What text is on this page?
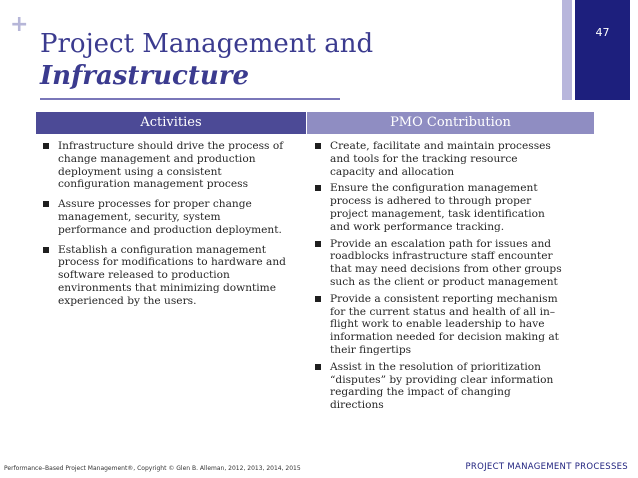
+
Project Management and
Infrastructure
47
Activities	PMO Contribution
Infrastructure should drive the process of change management and production deployment using a consistent configuration management process
Assure processes for proper change management, security, system performance and production deployment.
Establish a configuration management process for modifications to hardware and software released to production environments that minimizing downtime experienced by the users.
Create, facilitate and maintain processes and tools for the tracking resource capacity and allocation
Ensure the configuration management process is adhered to through proper project management, task identification and work performance tracking.
Provide an escalation path for issues and roadblocks infrastructure staff encounter that may need decisions from other groups such as the client or product management
Provide a consistent reporting mechanism for the current status and health of all in–flight work to enable leadership to have information needed for decision making at their fingertips
Assist in the resolution of prioritization “disputes” by providing clear information regarding the impact of changing directions
Performance–Based Project Management®, Copyright © Glen B. Alleman, 2012, 2013, 2014, 2015	PROJECT MANAGEMENT PROCESSES
